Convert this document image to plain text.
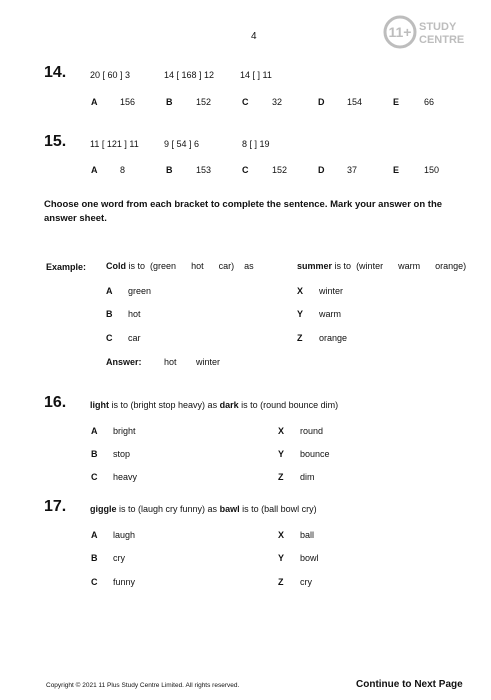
4	11+ STUDY
CENTRE
14.	20 [ 60 ] 3	14 [ 168 ] 12	14 [ ] 11
A	156	B	152	C	32	D	154	E	66
15.	11 [ 121 ] 11	9 [ 54 ] 6	8 [ ] 19
A	8	B	153	C	152	D	37	E	150
Choose one word from each bracket to complete the sentence. Mark your answer on the answer sheet.
Example: Cold is to (green hot car) as	summer is to (winter warm orange)
A green
B hot
C car
X winter
Y warm
Z orange
Answer: hot winter
16.	light is to (bright stop heavy) as dark is to (round bounce dim)
A bright
B stop
C heavy
X round
Y bounce
Z dim
17.	giggle is to (laugh cry funny) as bawl is to (ball bowl cry)
A laugh
B cry
C funny
X ball
Y bowl
Z cry
Copyright © 2021 11 Plus Study Centre Limited. All rights reserved.	Continue to Next Page
